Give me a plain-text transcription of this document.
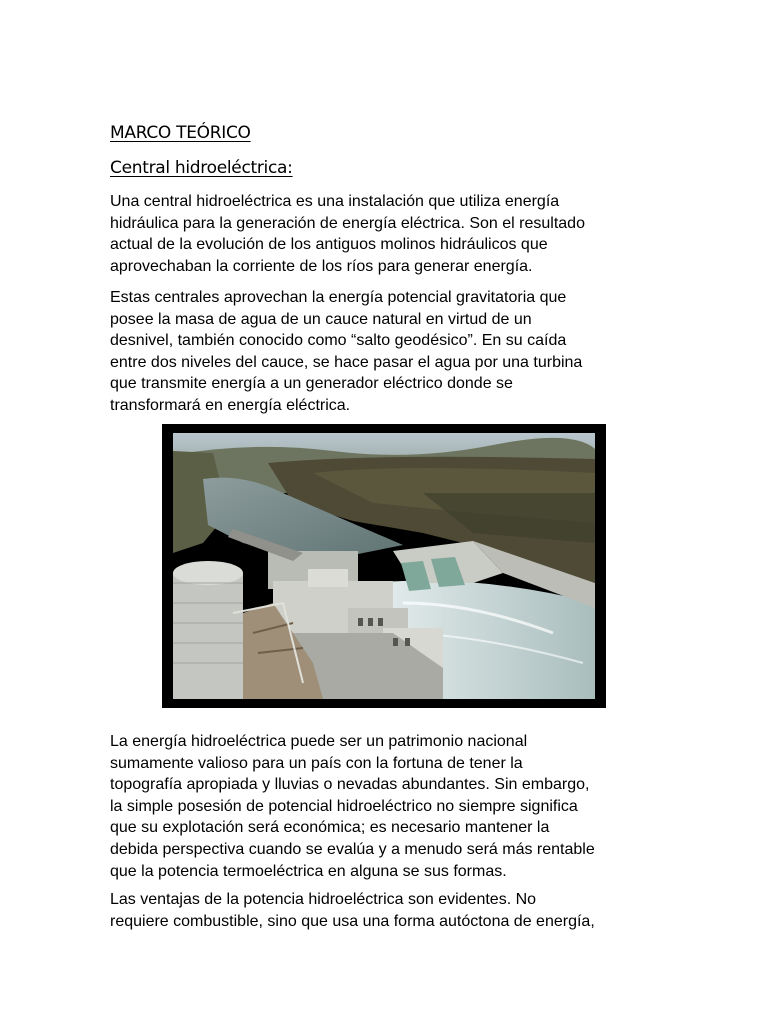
MARCO TEÓRICO
Central hidroeléctrica:

Una central hidroeléctrica es una instalación que utiliza energía
hidráulica para la generación de energía eléctrica. Son el resultado
actual de la evolución de los antiguos molinos hidráulicos que
aprovechaban la corriente de los ríos para generar energía.

Estas centrales aprovechan la energía potencial gravitatoria que
posee la masa de agua de un cauce natural en virtud de un
desnivel, también conocido como “salto geodésico”. En su caída
entre dos niveles del cauce, se hace pasar el agua por una turbina
que transmite energía a un generador eléctrico donde se
transformará en energía eléctrica.

La energía hidroeléctrica puede ser un patrimonio nacional
sumamente valioso para un país con la fortuna de tener la
topografía apropiada y lluvias o nevadas abundantes. Sin embargo,
la simple posesión de potencial hidroeléctrico no siempre significa
que su explotación será económica; es necesario mantener la
debida perspectiva cuando se evalúa y a menudo será más rentable
que la potencia termoeléctrica en alguna se sus formas.

Las ventajas de la potencia hidroeléctrica son evidentes. No
requiere combustible, sino que usa una forma autóctona de energía,
